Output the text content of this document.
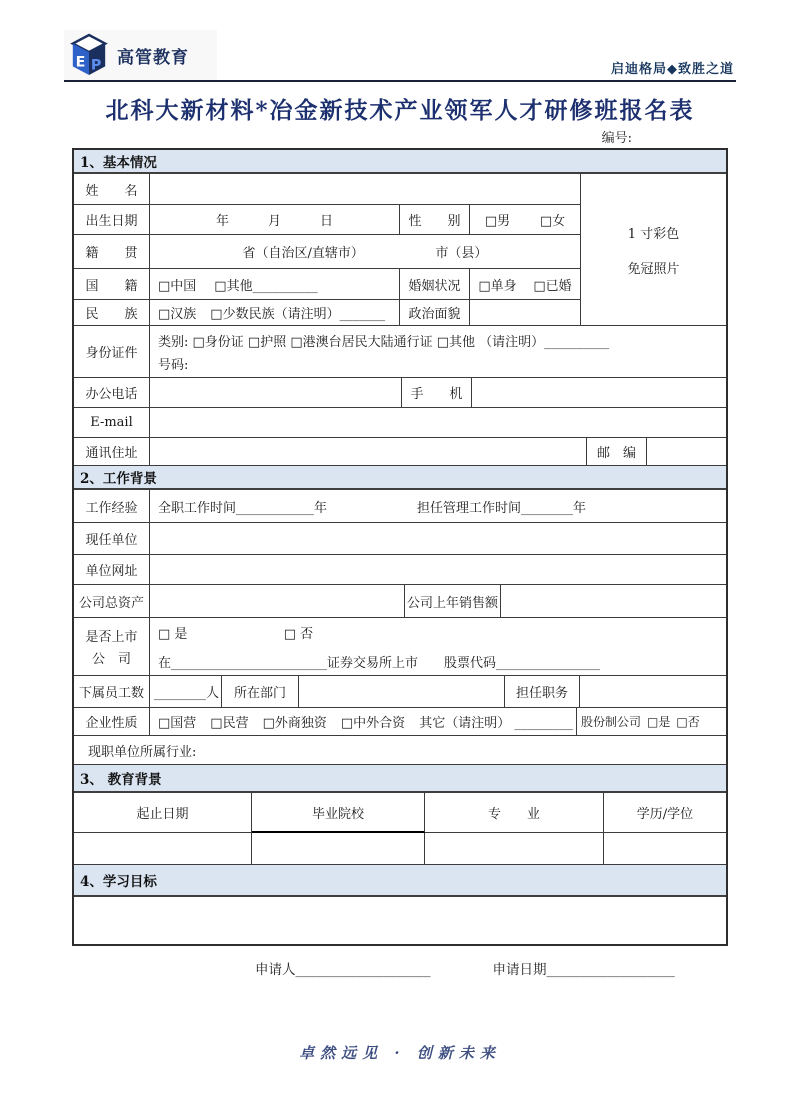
E P 高管教育
启迪格局◆致胜之道
北科大新材料*冶金新技术产业领军人才研修班报名表
编号:
1、基本情况
姓　　名
出生日期	年　　　月　　　日	性　　别	□男 □女
籍　　贯	省（自治区/直辖市）　　　　　　市（县）
国　　籍	□中国 □其他__________	婚姻状况	□单身 □已婚
民　　族	□汉族 □少数民族（请注明）_______	政治面貌
1 寸彩色
免冠照片
身份证件
类别: □身份证 □护照 □港澳台居民大陆通行证 □其他 （请注明）__________
号码:
办公电话	手　　机
E-mail
通讯住址	邮　编
2、工作背景
工作经验	全职工作时间____________年	担任管理工作时间________年
现任单位
单位网址
公司总资产	公司上年销售额
是否上市
公　司
□ 是	□ 否
在________________________证券交易所上市　　股票代码________________
下属员工数 ________人	所在部门	担任职务
企业性质	□国营 □民营 □外商独资 □中外合资 其它（请注明） _________ 股份制公司 □是 □否
现职单位所属行业:
3、 教育背景
起止日期	毕业院校	专　　业	学历/学位
4、学习目标
申请人____________________	申请日期___________________
卓然远见 · 创新未来
